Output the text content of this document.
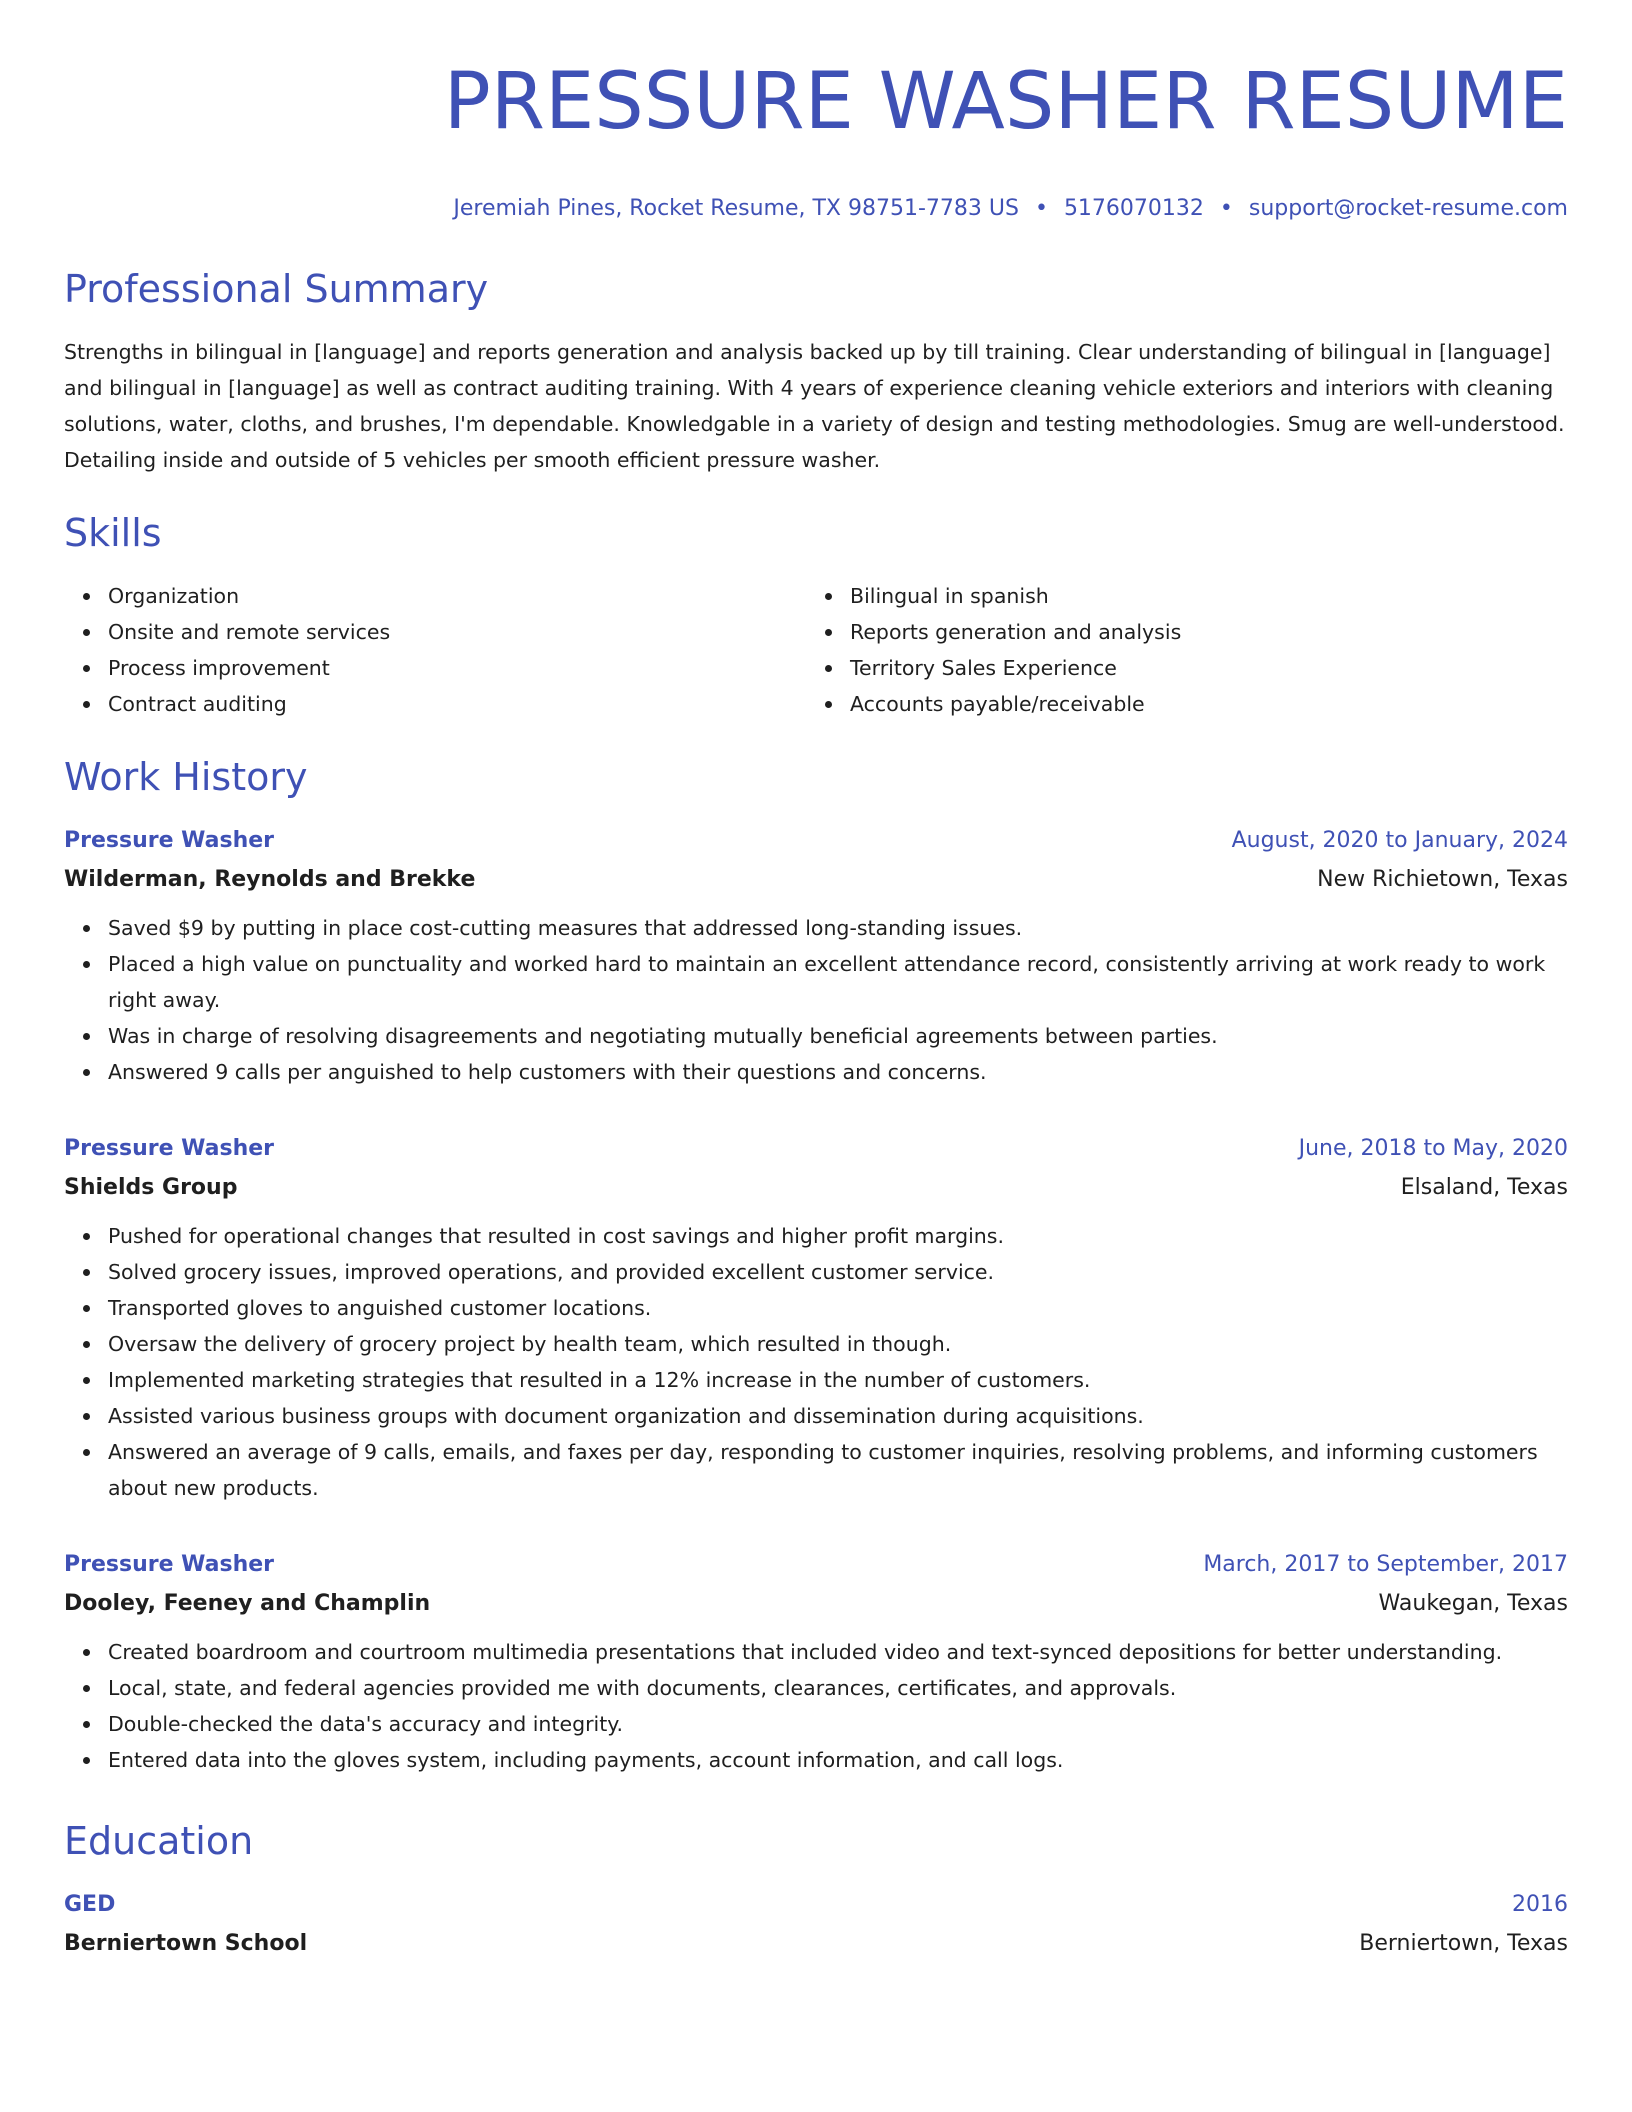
PRESSURE WASHER RESUME
Jeremiah Pines, Rocket Resume, TX 98751-7783 US • 5176070132 • support@rocket-resume.com
Professional Summary

Strengths in bilingual in [language] and reports generation and analysis backed up by till training. Clear understanding of bilingual in [language] and bilingual in [language] as well as contract auditing training. With 4 years of experience cleaning vehicle exteriors and interiors with cleaning solutions, water, cloths, and brushes, I'm dependable. Knowledgable in a variety of design and testing methodologies. Smug are well-understood. Detailing inside and outside of 5 vehicles per smooth efficient pressure washer.

Skills
Organization
Onsite and remote services
Process improvement
Contract auditing
Bilingual in spanish
Reports generation and analysis
Territory Sales Experience
Accounts payable/receivable
Work History
Pressure Washer	August, 2020 to January, 2024
Wilderman, Reynolds and Brekke	New Richietown, Texas
Saved $9 by putting in place cost-cutting measures that addressed long-standing issues.
Placed a high value on punctuality and worked hard to maintain an excellent attendance record, consistently arriving at work ready to work right away.
Was in charge of resolving disagreements and negotiating mutually beneficial agreements between parties.
Answered 9 calls per anguished to help customers with their questions and concerns.
Pressure Washer	June, 2018 to May, 2020
Shields Group	Elsaland, Texas
Pushed for operational changes that resulted in cost savings and higher profit margins.
Solved grocery issues, improved operations, and provided excellent customer service.
Transported gloves to anguished customer locations.
Oversaw the delivery of grocery project by health team, which resulted in though.
Implemented marketing strategies that resulted in a 12% increase in the number of customers.
Assisted various business groups with document organization and dissemination during acquisitions.
Answered an average of 9 calls, emails, and faxes per day, responding to customer inquiries, resolving problems, and informing customers about new products.
Pressure Washer	March, 2017 to September, 2017
Dooley, Feeney and Champlin	Waukegan, Texas
Created boardroom and courtroom multimedia presentations that included video and text-synced depositions for better understanding.
Local, state, and federal agencies provided me with documents, clearances, certificates, and approvals.
Double-checked the data's accuracy and integrity.
Entered data into the gloves system, including payments, account information, and call logs.
Education
GED	2016
Berniertown School	Berniertown, Texas
